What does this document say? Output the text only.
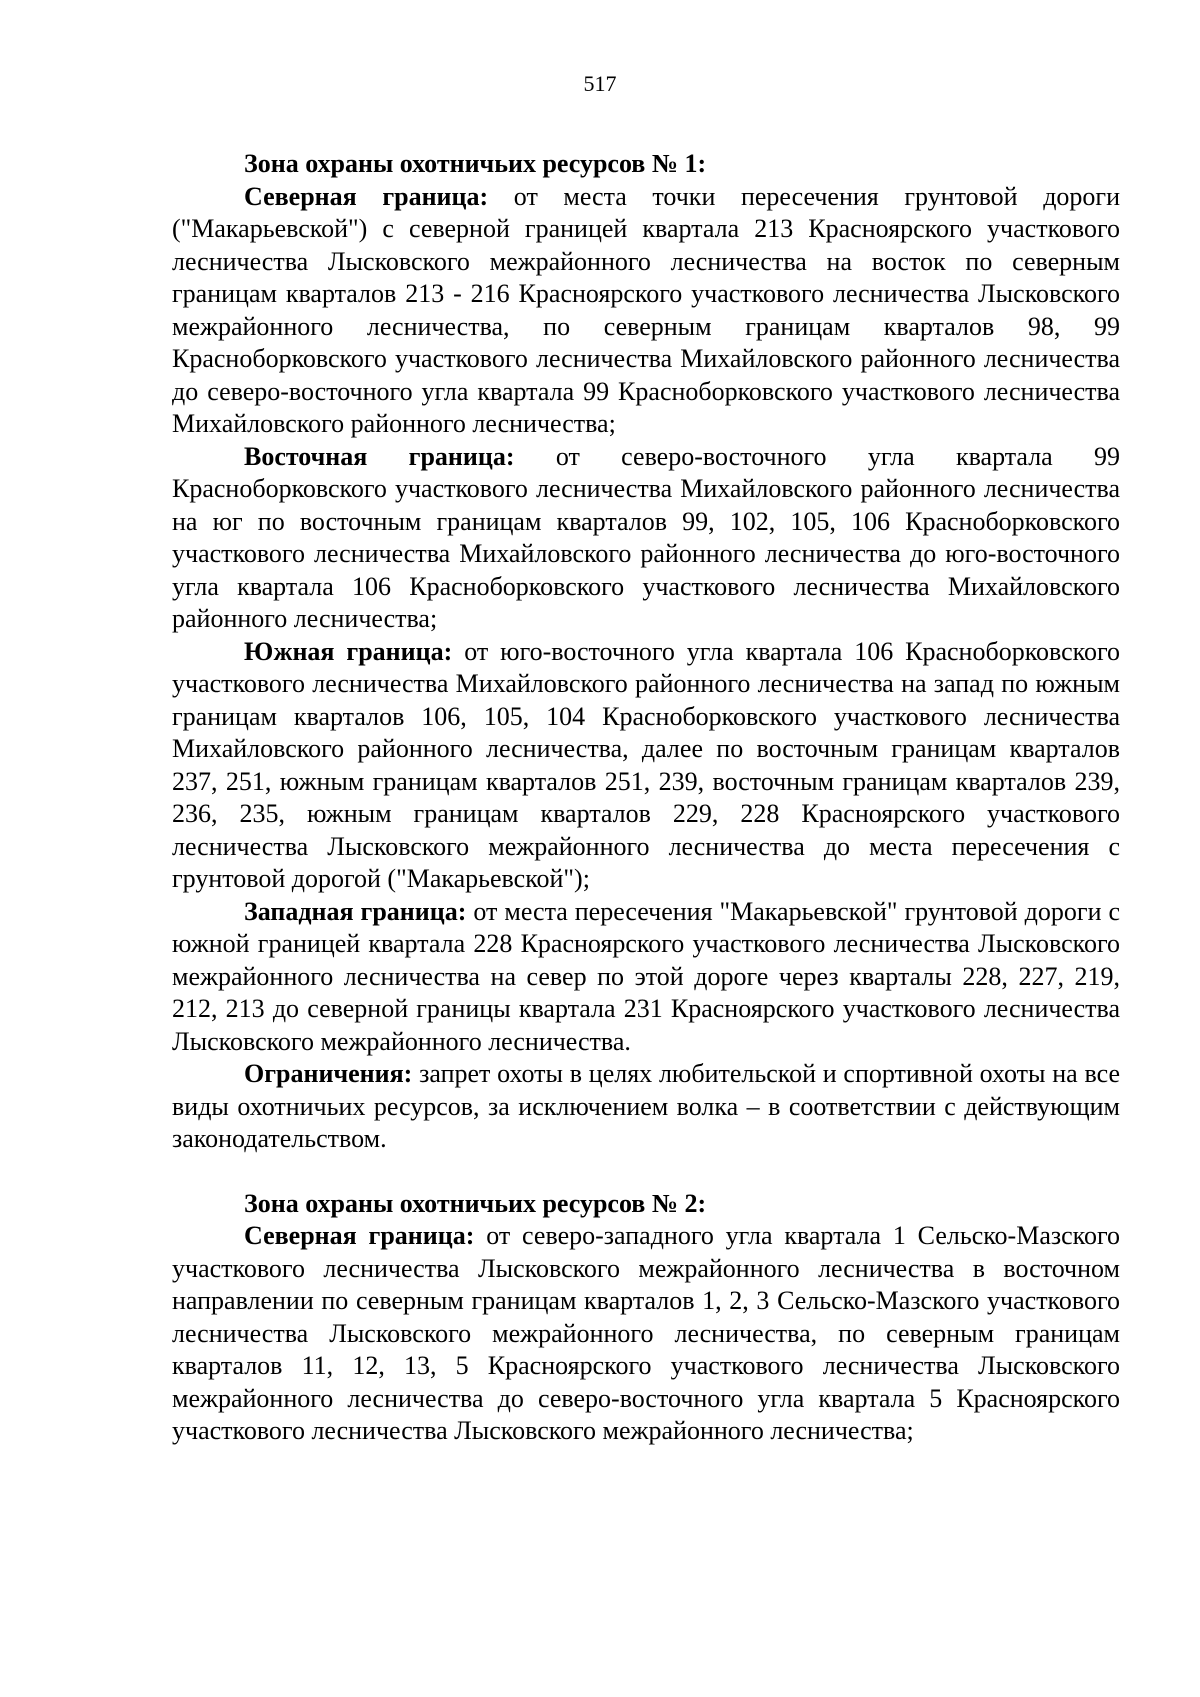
517

Зона охраны охотничьих ресурсов № 1:

Северная граница: от места точки пересечения грунтовой дороги ("Макарьевской") с северной границей квартала 213 Красноярского участкового лесничества Лысковского межрайонного лесничества на восток по северным границам кварталов 213 - 216 Красноярского участкового лесничества Лысковского межрайонного лесничества, по северным границам кварталов 98, 99 Красноборковского участкового лесничества Михайловского районного лесничества до северо-восточного угла квартала 99 Красноборковского участкового лесничества Михайловского районного лесничества;

Восточная граница: от северо-восточного угла квартала 99 Красноборковского участкового лесничества Михайловского районного лесничества на юг по восточным границам кварталов 99, 102, 105, 106 Красноборковского участкового лесничества Михайловского районного лесничества до юго-восточного угла квартала 106 Красноборковского участкового лесничества Михайловского районного лесничества;

Южная граница: от юго-восточного угла квартала 106 Красноборковского участкового лесничества Михайловского районного лесничества на запад по южным границам кварталов 106, 105, 104 Красноборковского участкового лесничества Михайловского районного лесничества, далее по восточным границам кварталов 237, 251, южным границам кварталов 251, 239, восточным границам кварталов 239, 236, 235, южным границам кварталов 229, 228 Красноярского участкового лесничества Лысковского межрайонного лесничества до места пересечения с грунтовой дорогой ("Макарьевской");

Западная граница: от места пересечения "Макарьевской" грунтовой дороги с южной границей квартала 228 Красноярского участкового лесничества Лысковского межрайонного лесничества на север по этой дороге через кварталы 228, 227, 219, 212, 213 до северной границы квартала 231 Красноярского участкового лесничества Лысковского межрайонного лесничества.

Ограничения: запрет охоты в целях любительской и спортивной охоты на все виды охотничьих ресурсов, за исключением волка – в соответствии с действующим законодательством.

Зона охраны охотничьих ресурсов № 2:

Северная граница: от северо-западного угла квартала 1 Сельско-Мазского участкового лесничества Лысковского межрайонного лесничества в восточном направлении по северным границам кварталов 1, 2, 3 Сельско-Мазского участкового лесничества Лысковского межрайонного лесничества, по северным границам кварталов 11, 12, 13, 5 Красноярского участкового лесничества Лысковского межрайонного лесничества до северо-восточного угла квартала 5 Красноярского участкового лесничества Лысковского межрайонного лесничества;
